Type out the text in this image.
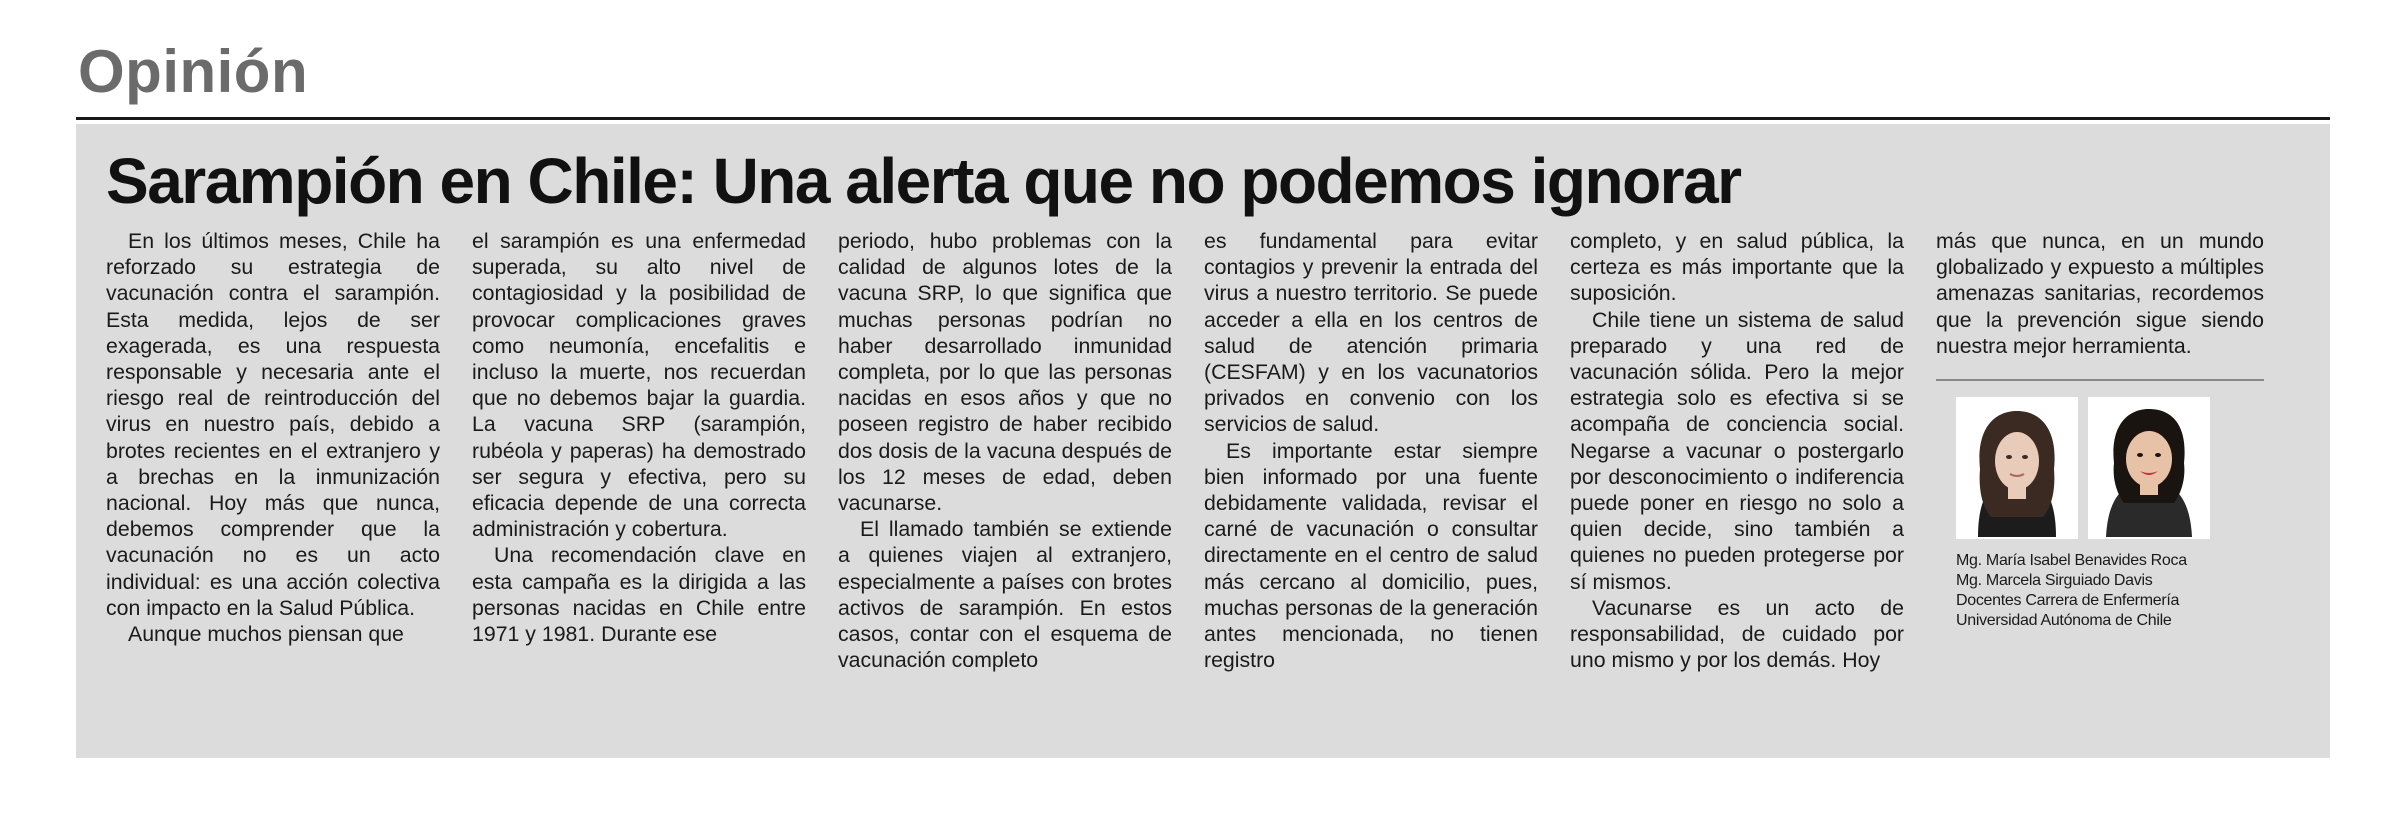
Opinión
Sarampión en Chile: Una alerta que no podemos ignorar

En los últimos meses, Chile ha reforzado su estrategia de vacunación contra el sarampión. Esta medida, lejos de ser exagerada, es una respuesta responsable y necesaria ante el riesgo real de reintroducción del virus en nuestro país, debido a brotes recientes en el extranjero y a brechas en la inmunización nacional. Hoy más que nunca, debemos comprender que la vacunación no es un acto individual: es una acción colectiva con impacto en la Salud Pública.

Aunque muchos piensan que

el sarampión es una enfermedad superada, su alto nivel de contagiosidad y la posibilidad de provocar complicaciones graves como neumonía, encefalitis e incluso la muerte, nos recuerdan que no debemos bajar la guardia. La vacuna SRP (sarampión, rubéola y paperas) ha demostrado ser segura y efectiva, pero su eficacia depende de una correcta administración y cobertura.

Una recomendación clave en esta campaña es la dirigida a las personas nacidas en Chile entre 1971 y 1981. Durante ese

periodo, hubo problemas con la calidad de algunos lotes de la vacuna SRP, lo que significa que muchas personas podrían no haber desarrollado inmunidad completa, por lo que las personas nacidas en esos años y que no poseen registro de haber recibido dos dosis de la vacuna después de los 12 meses de edad, deben vacunarse.

El llamado también se extiende a quienes viajen al extranjero, especialmente a países con brotes activos de sarampión. En estos casos, contar con el esquema de vacunación completo

es fundamental para evitar contagios y prevenir la entrada del virus a nuestro territorio. Se puede acceder a ella en los centros de salud de atención primaria (CESFAM) y en los vacunatorios privados en convenio con los servicios de salud.

Es importante estar siempre bien informado por una fuente debidamente validada, revisar el carné de vacunación o consultar directamente en el centro de salud más cercano al domicilio, pues, muchas personas de la generación antes mencionada, no tienen registro

completo, y en salud pública, la certeza es más importante que la suposición.

Chile tiene un sistema de salud preparado y una red de vacunación sólida. Pero la mejor estrategia solo es efectiva si se acompaña de conciencia social. Negarse a vacunar o postergarlo por desconocimiento o indiferencia puede poner en riesgo no solo a quien decide, sino también a quienes no pueden protegerse por sí mismos.

Vacunarse es un acto de responsabilidad, de cuidado por uno mismo y por los demás. Hoy

más que nunca, en un mundo globalizado y expuesto a múltiples amenazas sanitarias, recordemos que la prevención sigue siendo nuestra mejor herramienta.

Mg. María Isabel Benavides Roca
Mg. Marcela Sirguiado Davis
Docentes Carrera de Enfermería
Universidad Autónoma de Chile
